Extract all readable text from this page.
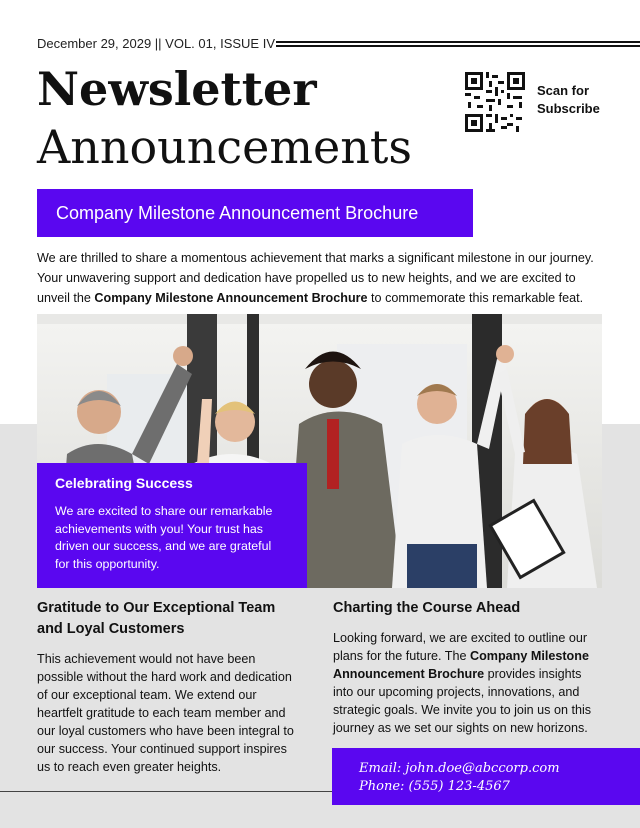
December 29, 2029 || VOL. 01, ISSUE IV
Newsletter
Announcements
Scan for
Subscribe
Company Milestone Announcement Brochure
We are thrilled to share a momentous achievement that marks a significant milestone in our journey. Your unwavering support and dedication have propelled us to new heights, and we are excited to unveil the Company Milestone Announcement Brochure to commemorate this remarkable feat.
Celebrating Success

We are excited to share our remarkable achievements with you! Your trust has driven our success, and we are grateful for this opportunity.

Gratitude to Our Exceptional Team and Loyal Customers

This achievement would not have been possible without the hard work and dedication of our exceptional team. We extend our heartfelt gratitude to each team member and our loyal customers who have been integral to our success. Your continued support inspires us to reach even greater heights.

Charting the Course Ahead

Looking forward, we are excited to outline our plans for the future. The Company Milestone Announcement Brochure provides insights into our upcoming projects, innovations, and strategic goals. We invite you to join us on this journey as we set our sights on new horizons.

Email: john.doe@abccorp.com
Phone: (555) 123-4567
